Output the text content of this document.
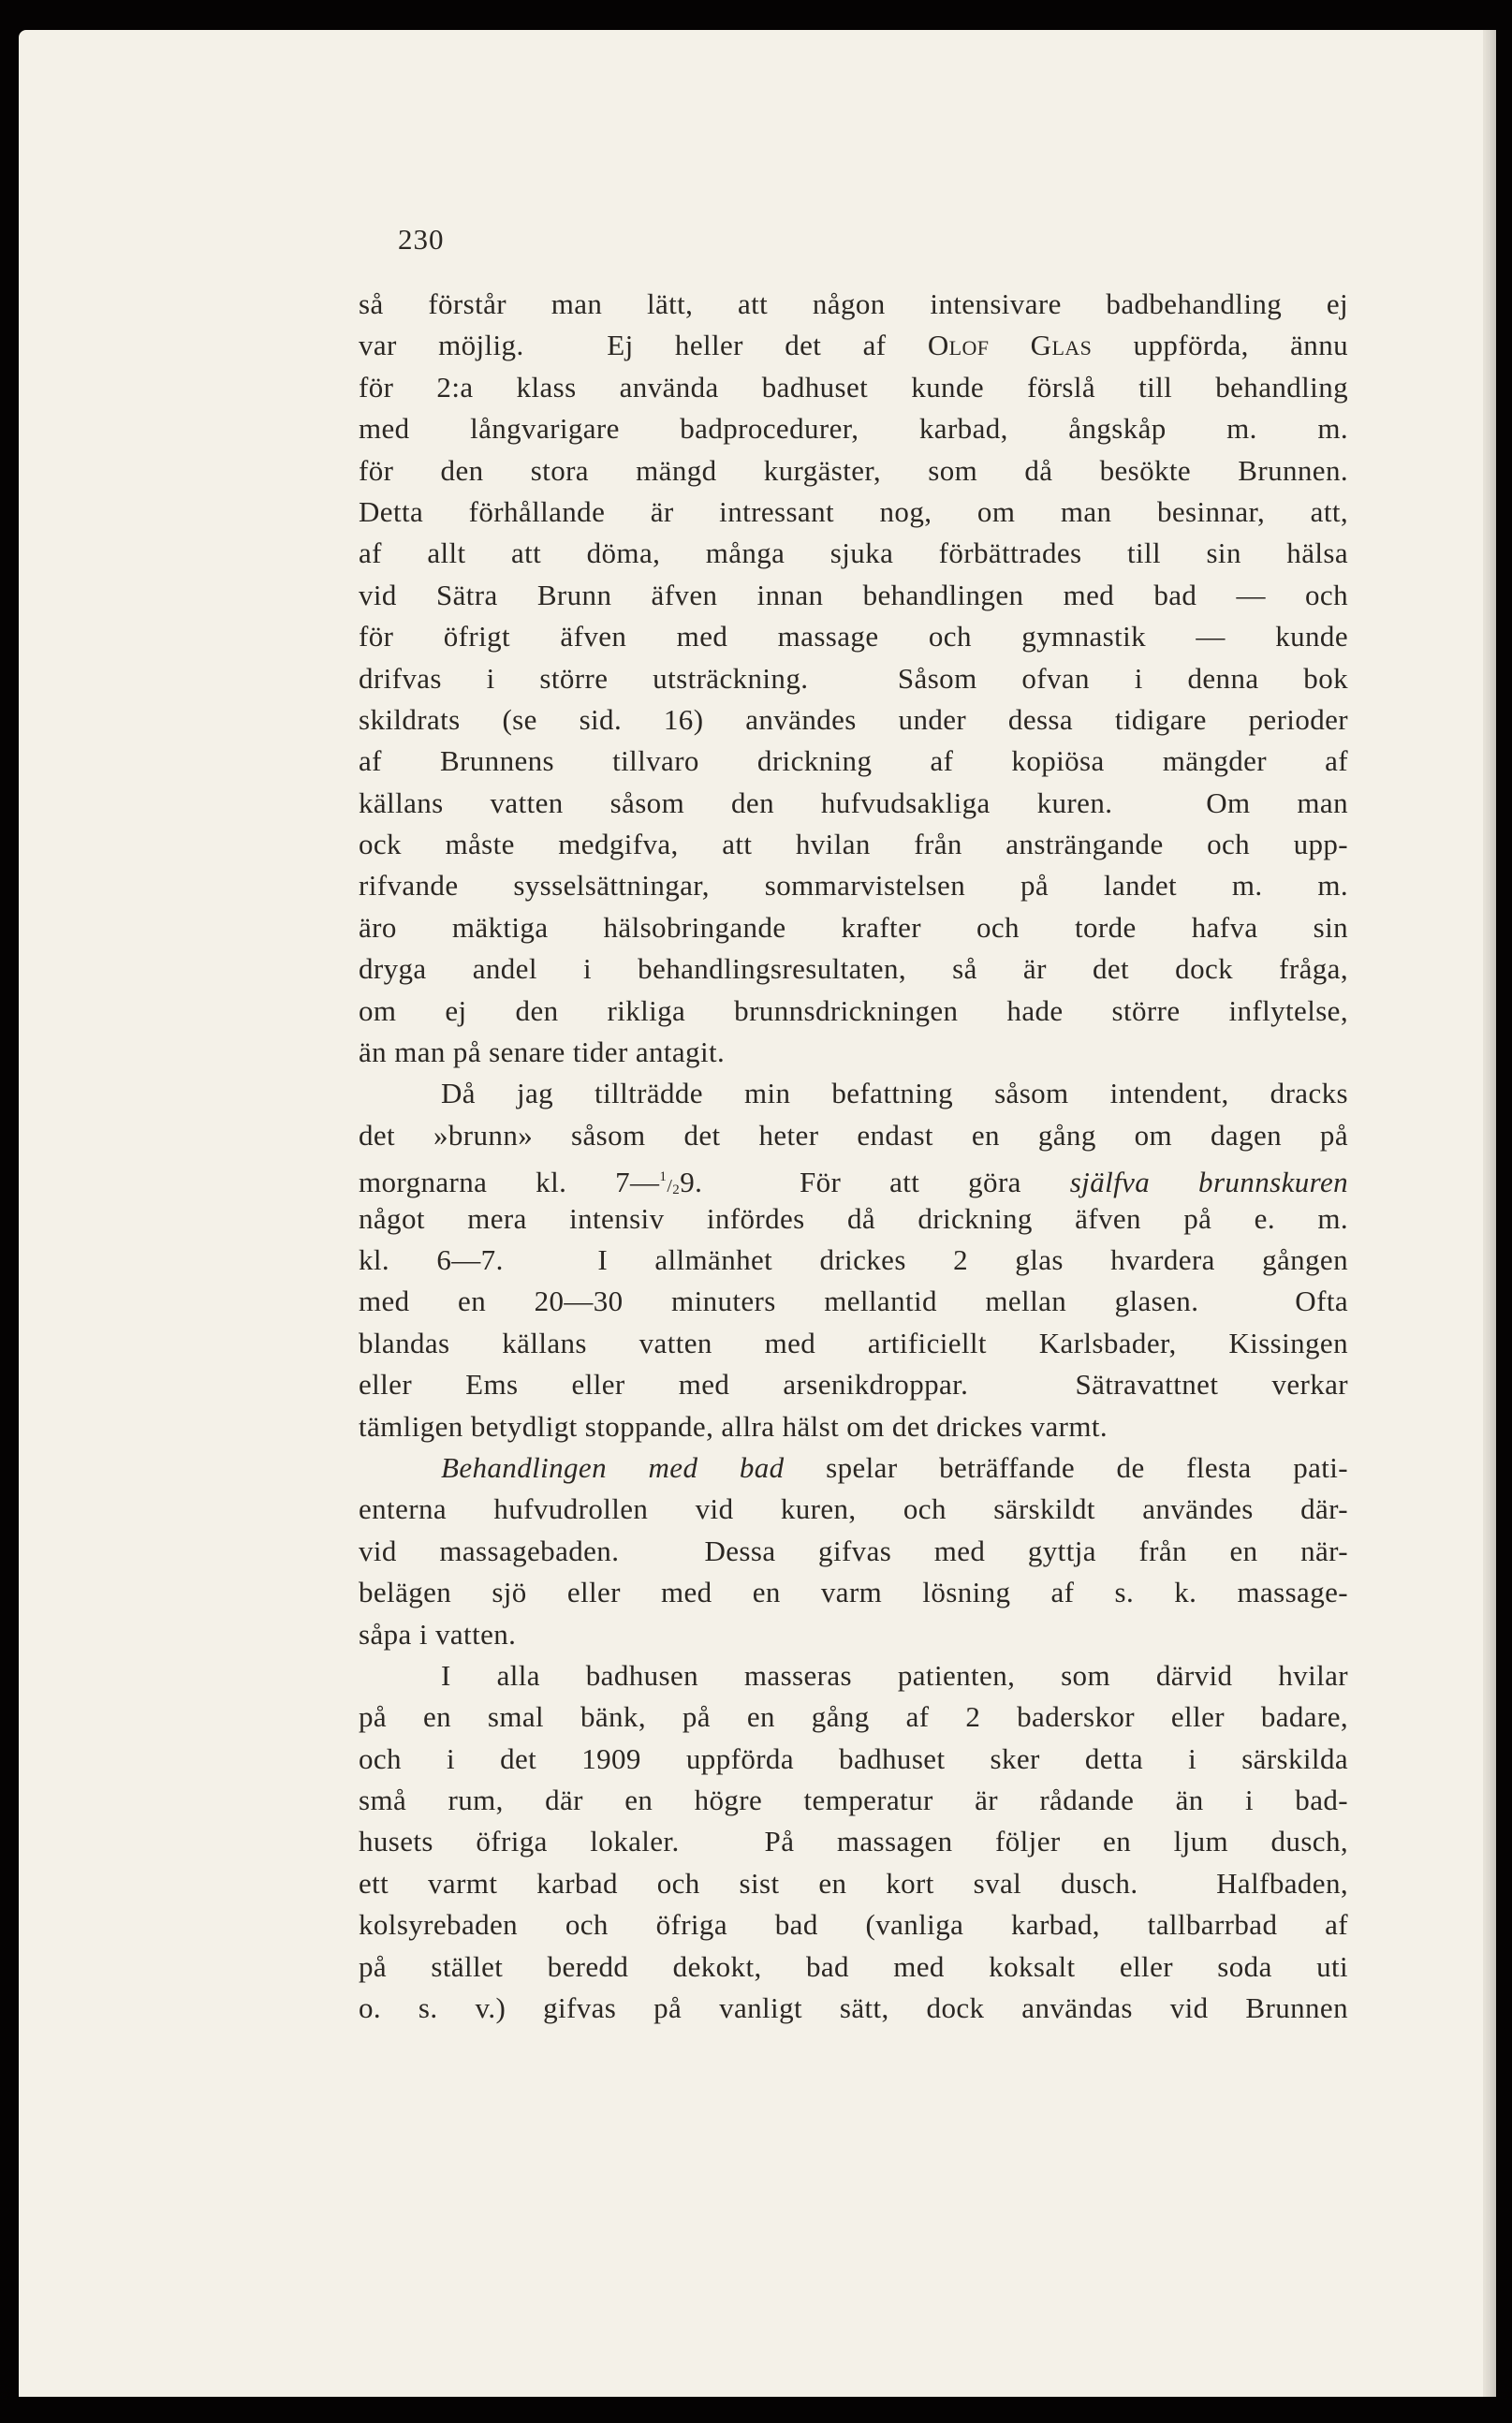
230
så förstår man lätt, att någon intensivare badbehandling ej
var möjlig.  Ej heller det af Olof Glas uppförda, ännu
för 2:a klass använda badhuset kunde förslå till behandling
med långvarigare badprocedurer, karbad, ångskåp m. m.
för den stora mängd kurgäster, som då besökte Brunnen.
Detta förhållande är intressant nog, om man besinnar, att,
af allt att döma, många sjuka förbättrades till sin hälsa
vid Sätra Brunn äfven innan behandlingen med bad — och
för öfrigt äfven med massage och gymnastik — kunde
drifvas i större utsträckning.  Såsom ofvan i denna bok
skildrats (se sid. 16) användes under dessa tidigare perioder
af Brunnens tillvaro drickning af kopiösa mängder af
källans vatten såsom den hufvudsakliga kuren.  Om man
ock måste medgifva, att hvilan från ansträngande och upp-
rifvande sysselsättningar, sommarvistelsen på landet m. m.
äro mäktiga hälsobringande krafter och torde hafva sin
dryga andel i behandlingsresultaten, så är det dock fråga,
om ej den rikliga brunnsdrickningen hade större inflytelse,
än man på senare tider antagit.
Då jag tillträdde min befattning såsom intendent, dracks
det »brunn» såsom det heter endast en gång om dagen på
morgnarna kl. 7—$^1$/29.  För att göra själfva brunnskuren
något mera intensiv infördes då drickning äfven på e. m.
kl. 6—7.  I allmänhet drickes 2 glas hvardera gången
med en 20—30 minuters mellantid mellan glasen.  Ofta
blandas källans vatten med artificiellt Karlsbader, Kissingen
eller Ems eller med arsenikdroppar.  Sätravattnet verkar
tämligen betydligt stoppande, allra hälst om det drickes varmt.
Behandlingen med bad spelar beträffande de flesta pati-
enterna hufvudrollen vid kuren, och särskildt användes där-
vid massagebaden.  Dessa gifvas med gyttja från en när-
belägen sjö eller med en varm lösning af s. k. massage-
såpa i vatten.
I alla badhusen masseras patienten, som därvid hvilar
på en smal bänk, på en gång af 2 baderskor eller badare,
och i det 1909 uppförda badhuset sker detta i särskilda
små rum, där en högre temperatur är rådande än i bad-
husets öfriga lokaler.  På massagen följer en ljum dusch,
ett varmt karbad och sist en kort sval dusch.  Halfbaden,
kolsyrebaden och öfriga bad (vanliga karbad, tallbarrbad af
på stället beredd dekokt, bad med koksalt eller soda uti
o. s. v.) gifvas på vanligt sätt, dock användas vid Brunnen
